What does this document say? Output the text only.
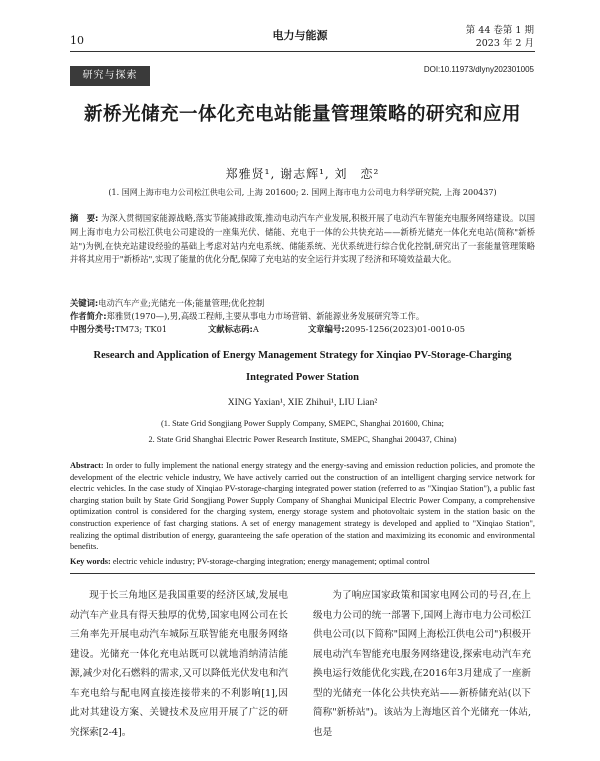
10	电力与能源	第 44 卷第 1 期
2023 年 2 月
研究与探索
DOI:10.11973/dlyny202301005
新桥光储充一体化充电站能量管理策略的研究和应用
郑雅贤¹, 谢志辉¹, 刘　恋²
(1. 国网上海市电力公司松江供电公司, 上海 201600; 2. 国网上海市电力公司电力科学研究院, 上海 200437)
摘　要: 为深入贯彻国家能源战略,落实节能减排政策,推动电动汽车产业发展,积极开展了电动汽车智能充电服务网络建设。以国网上海市电力公司松江供电公司建设的一座集光伏、储能、充电于一体的公共快充站——新桥光储充一体化充电站(简称"新桥站")为例,在快充站建设经验的基础上考虑对站内充电系统、储能系统、光伏系统进行综合优化控制,研究出了一套能量管理策略并将其应用于"新桥站",实现了能量的优化分配,保障了充电站的安全运行并实现了经济和环境效益最大化。
关键词:电动汽车产业;光储充一体;能量管理;优化控制
作者简介:郑雅贤(1970—),男,高级工程师,主要从事电力市场营销、新能源业务发展研究等工作。
中图分类号:TM73; TK01	文献标志码:A	文章编号:2095-1256(2023)01-0010-05
Research and Application of Energy Management Strategy for Xinqiao PV-Storage-Charging Integrated Power Station
XING Yaxian¹, XIE Zhihui¹, LIU Lian²
(1. State Grid Songjiang Power Supply Company, SMEPC, Shanghai 201600, China;
2. State Grid Shanghai Electric Power Research Institute, SMEPC, Shanghai 200437, China)
Abstract: In order to fully implement the national energy strategy and the energy-saving and emission reduction policies, and promote the development of the electric vehicle industry, We have actively carried out the construction of an intelligent charging service network for electric vehicles. In the case study of Xinqiao PV-storage-charging integrated power station (referred to as "Xinqiao Station"), a public fast charging station built by State Grid Songjiang Power Supply Company of Shanghai Municipal Electric Power Company, a comprehensive optimization control is considered for the charging system, energy storage system and photovoltaic system in the station basic on the construction experience of fast charging stations. A set of energy management strategy is developed and applied to "Xinqiao Station", realizing the optimal distribution of energy, guaranteeing the safe operation of the station and maximizing its economic and environmental benefits.
Key words: electric vehicle industry; PV-storage-charging integration; energy management; optimal control
现于长三角地区是我国重要的经济区域,发展电动汽车产业具有得天独厚的优势,国家电网公司在长三角率先开展电动汽车城际互联智能充电服务网络建设。光储充一体化充电站既可以就地消纳清洁能源,减少对化石燃料的需求,又可以降低光伏发电和汽车充电给与配电网直接连接带来的不利影响[1],因此对其建设方案、关键技术及应用开展了广泛的研究探索[2-4]。

为了响应国家政策和国家电网公司的号召,在上级电力公司的统一部署下,国网上海市电力公司松江供电公司(以下简称"国网上海松江供电公司")积极开展电动汽车智能充电服务网络建设,探索电动汽车充换电运行效能优化实践,在2016年3月建成了一座新型的光储充一体化公共快充站——新桥储充站(以下简称"新桥站")。该站为上海地区首个光储充一体站,也是
